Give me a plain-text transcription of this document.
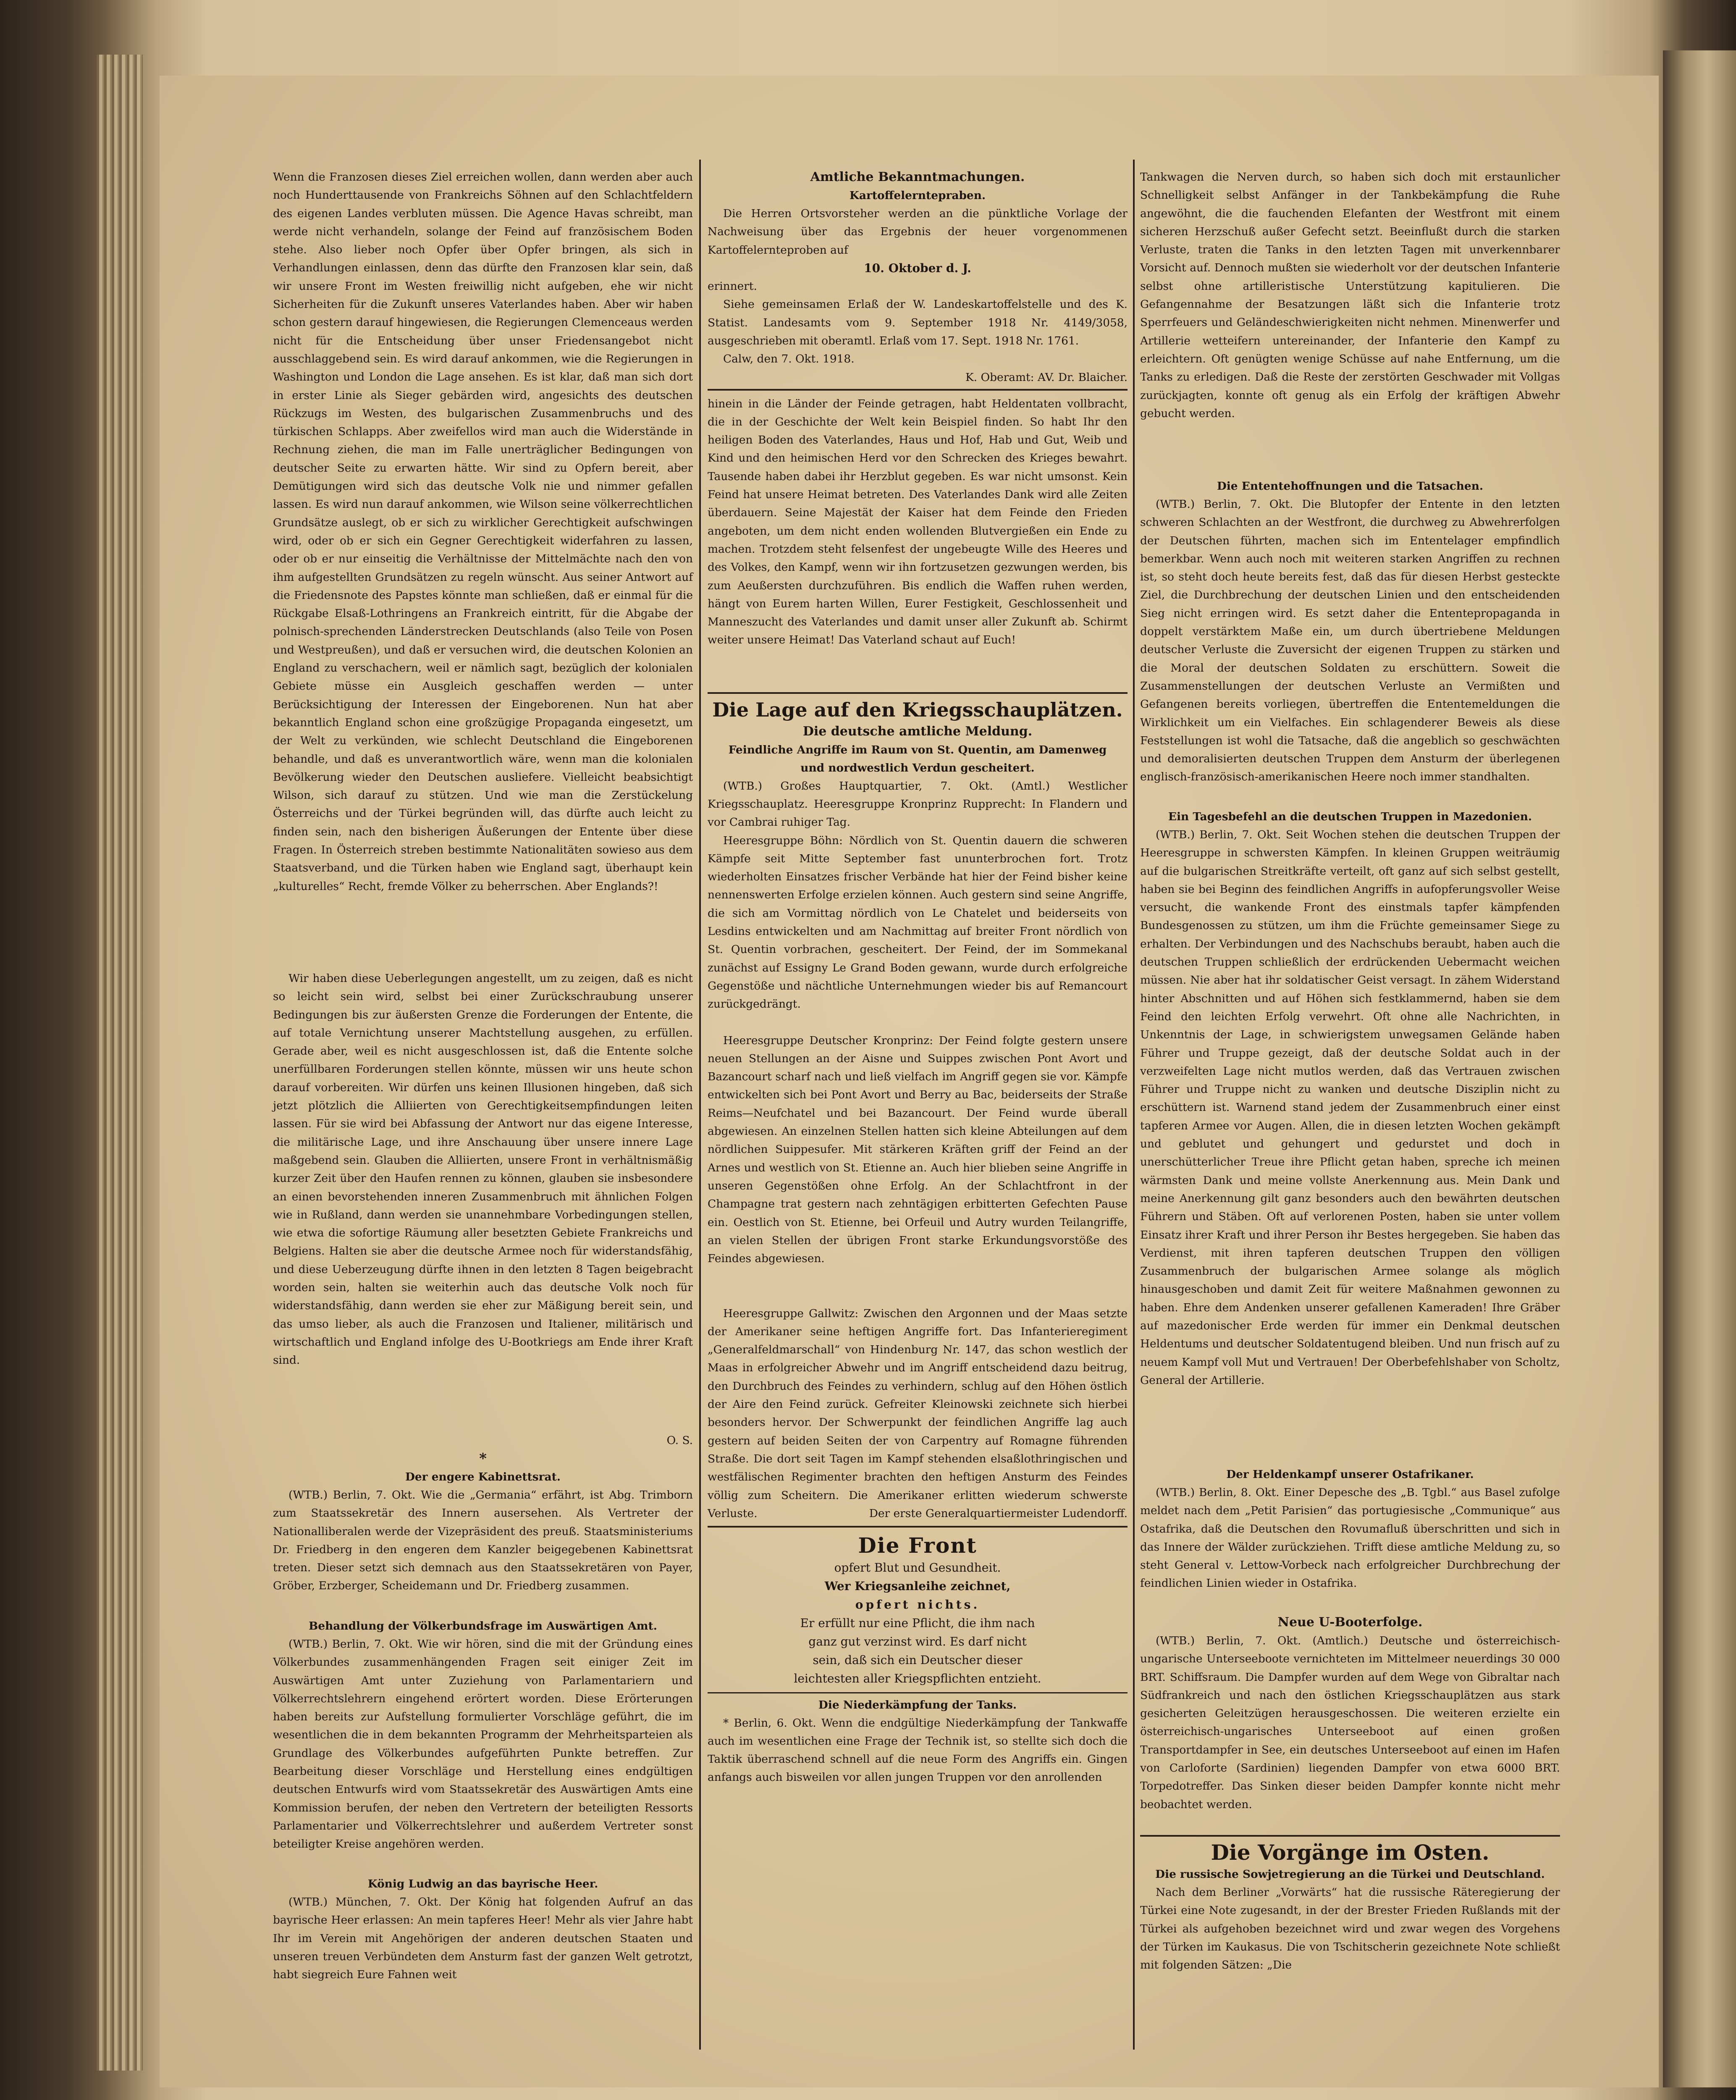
Wenn die Franzosen dieses Ziel erreichen wollen, dann werden aber auch noch Hunderttausende von Frankreichs Söhnen auf den Schlachtfeldern des eigenen Landes verbluten müssen. Die Agence Havas schreibt, man werde nicht verhandeln, solange der Feind auf französischem Boden stehe. Also lieber noch Opfer über Opfer bringen, als sich in Verhandlungen einlassen, denn das dürfte den Franzosen klar sein, daß wir unsere Front im Westen freiwillig nicht aufgeben, ehe wir nicht Sicherheiten für die Zukunft unseres Vaterlandes haben. Aber wir haben schon gestern darauf hingewiesen, die Regierungen Clemenceaus werden nicht für die Entscheidung über unser Friedensangebot nicht ausschlaggebend sein. Es wird darauf ankommen, wie die Regierungen in Washington und London die Lage ansehen. Es ist klar, daß man sich dort in erster Linie als Sieger gebärden wird, angesichts des deutschen Rückzugs im Westen, des bulgarischen Zusammenbruchs und des türkischen Schlapps. Aber zweifellos wird man auch die Widerstände in Rechnung ziehen, die man im Falle unerträglicher Bedingungen von deutscher Seite zu erwarten hätte. Wir sind zu Opfern bereit, aber Demütigungen wird sich das deutsche Volk nie und nimmer gefallen lassen. Es wird nun darauf ankommen, wie Wilson seine völkerrechtlichen Grundsätze auslegt, ob er sich zu wirklicher Gerechtigkeit aufschwingen wird, oder ob er sich ein Gegner Gerechtigkeit widerfahren zu lassen, oder ob er nur einseitig die Verhältnisse der Mittelmächte nach den von ihm aufgestellten Grundsätzen zu regeln wünscht. Aus seiner Antwort auf die Friedensnote des Papstes könnte man schließen, daß er einmal für die Rückgabe Elsaß-Lothringens an Frankreich eintritt, für die Abgabe der polnisch-sprechenden Länderstrecken Deutschlands (also Teile von Posen und Westpreußen), und daß er versuchen wird, die deutschen Kolonien an England zu verschachern, weil er nämlich sagt, bezüglich der kolonialen Gebiete müsse ein Ausgleich geschaffen werden — unter Berücksichtigung der Interessen der Eingeborenen. Nun hat aber bekanntlich England schon eine großzügige Propaganda eingesetzt, um der Welt zu verkünden, wie schlecht Deutschland die Eingeborenen behandle, und daß es unverantwortlich wäre, wenn man die kolonialen Bevölkerung wieder den Deutschen ausliefere. Vielleicht beabsichtigt Wilson, sich darauf zu stützen. Und wie man die Zerstückelung Österreichs und der Türkei begründen will, das dürfte auch leicht zu finden sein, nach den bisherigen Äußerungen der Entente über diese Fragen. In Österreich streben bestimmte Nationalitäten sowieso aus dem Staatsverband, und die Türken haben wie England sagt, überhaupt kein „kulturelles“ Recht, fremde Völker zu beherrschen. Aber Englands?!

Wir haben diese Ueberlegungen angestellt, um zu zeigen, daß es nicht so leicht sein wird, selbst bei einer Zurückschraubung unserer Bedingungen bis zur äußersten Grenze die Forderungen der Entente, die auf totale Vernichtung unserer Machtstellung ausgehen, zu erfüllen. Gerade aber, weil es nicht ausgeschlossen ist, daß die Entente solche unerfüllbaren Forderungen stellen könnte, müssen wir uns heute schon darauf vorbereiten. Wir dürfen uns keinen Illusionen hingeben, daß sich jetzt plötzlich die Alliierten von Gerechtigkeitsempfindungen leiten lassen. Für sie wird bei Abfassung der Antwort nur das eigene Interesse, die militärische Lage, und ihre Anschauung über unsere innere Lage maßgebend sein. Glauben die Alliierten, unsere Front in verhältnismäßig kurzer Zeit über den Haufen rennen zu können, glauben sie insbesondere an einen bevorstehenden inneren Zusammenbruch mit ähnlichen Folgen wie in Rußland, dann werden sie unannehmbare Vorbedingungen stellen, wie etwa die sofortige Räumung aller besetzten Gebiete Frankreichs und Belgiens. Halten sie aber die deutsche Armee noch für widerstandsfähig, und diese Ueberzeugung dürfte ihnen in den letzten 8 Tagen beigebracht worden sein, halten sie weiterhin auch das deutsche Volk noch für widerstandsfähig, dann werden sie eher zur Mäßigung bereit sein, und das umso lieber, als auch die Franzosen und Italiener, militärisch und wirtschaftlich und England infolge des U-Bootkriegs am Ende ihrer Kraft sind.

O. S.

*

Der engere Kabinettsrat.

(WTB.) Berlin, 7. Okt. Wie die „Germania“ erfährt, ist Abg. Trimborn zum Staatssekretär des Innern ausersehen. Als Vertreter der Nationalliberalen werde der Vizepräsident des preuß. Staatsministeriums Dr. Friedberg in den engeren dem Kanzler beigegebenen Kabinettsrat treten. Dieser setzt sich demnach aus den Staatssekretären von Payer, Gröber, Erzberger, Scheidemann und Dr. Friedberg zusammen.

Behandlung der Völkerbundsfrage im Auswärtigen Amt.

(WTB.) Berlin, 7. Okt. Wie wir hören, sind die mit der Gründung eines Völkerbundes zusammenhängenden Fragen seit einiger Zeit im Auswärtigen Amt unter Zuziehung von Parlamentariern und Völkerrechtslehrern eingehend erörtert worden. Diese Erörterungen haben bereits zur Aufstellung formulierter Vorschläge geführt, die im wesentlichen die in dem bekannten Programm der Mehrheitsparteien als Grundlage des Völkerbundes aufgeführten Punkte betreffen. Zur Bearbeitung dieser Vorschläge und Herstellung eines endgültigen deutschen Entwurfs wird vom Staatssekretär des Auswärtigen Amts eine Kommission berufen, der neben den Vertretern der beteiligten Ressorts Parlamentarier und Völkerrechtslehrer und außerdem Vertreter sonst beteiligter Kreise angehören werden.

König Ludwig an das bayrische Heer.

(WTB.) München, 7. Okt. Der König hat folgenden Aufruf an das bayrische Heer erlassen: An mein tapferes Heer! Mehr als vier Jahre habt Ihr im Verein mit Angehörigen der anderen deutschen Staaten und unseren treuen Verbündeten dem Ansturm fast der ganzen Welt getrotzt, habt siegreich Eure Fahnen weit

Amtliche Bekanntmachungen.

Kartoffelerntepraben.

Die Herren Ortsvorsteher werden an die pünktliche Vorlage der Nachweisung über das Ergebnis der heuer vorgenommenen Kartoffelernteproben auf

10. Oktober d. J.

erinnert.

Siehe gemeinsamen Erlaß der W. Landeskartoffelstelle und des K. Statist. Landesamts vom 9. September 1918 Nr. 4149/3058, ausgeschrieben mit oberamtl. Erlaß vom 17. Sept. 1918 Nr. 1761.

Calw, den 7. Okt. 1918.

K. Oberamt: AV. Dr. Blaicher.

hinein in die Länder der Feinde getragen, habt Heldentaten vollbracht, die in der Geschichte der Welt kein Beispiel finden. So habt Ihr den heiligen Boden des Vaterlandes, Haus und Hof, Hab und Gut, Weib und Kind und den heimischen Herd vor den Schrecken des Krieges bewahrt. Tausende haben dabei ihr Herzblut gegeben. Es war nicht umsonst. Kein Feind hat unsere Heimat betreten. Des Vaterlandes Dank wird alle Zeiten überdauern. Seine Majestät der Kaiser hat dem Feinde den Frieden angeboten, um dem nicht enden wollenden Blutvergießen ein Ende zu machen. Trotzdem steht felsenfest der ungebeugte Wille des Heeres und des Volkes, den Kampf, wenn wir ihn fortzusetzen gezwungen werden, bis zum Aeußersten durchzuführen. Bis endlich die Waffen ruhen werden, hängt von Eurem harten Willen, Eurer Festigkeit, Geschlossenheit und Manneszucht des Vaterlandes und damit unser aller Zukunft ab. Schirmt weiter unsere Heimat! Das Vaterland schaut auf Euch!

Die Lage auf den Kriegsschauplätzen.

Die deutsche amtliche Meldung.

Feindliche Angriffe im Raum von St. Quentin, am Damenweg und nordwestlich Verdun gescheitert.

(WTB.) Großes Hauptquartier, 7. Okt. (Amtl.) Westlicher Kriegsschauplatz. Heeresgruppe Kronprinz Rupprecht: In Flandern und vor Cambrai ruhiger Tag.

Heeresgruppe Böhn: Nördlich von St. Quentin dauern die schweren Kämpfe seit Mitte September fast ununterbrochen fort. Trotz wiederholten Einsatzes frischer Verbände hat hier der Feind bisher keine nennenswerten Erfolge erzielen können. Auch gestern sind seine Angriffe, die sich am Vormittag nördlich von Le Chatelet und beiderseits von Lesdins entwickelten und am Nachmittag auf breiter Front nördlich von St. Quentin vorbrachen, gescheitert. Der Feind, der im Sommekanal zunächst auf Essigny Le Grand Boden gewann, wurde durch erfolgreiche Gegenstöße und nächtliche Unternehmungen wieder bis auf Remancourt zurückgedrängt.

Heeresgruppe Deutscher Kronprinz: Der Feind folgte gestern unsere neuen Stellungen an der Aisne und Suippes zwischen Pont Avort und Bazancourt scharf nach und ließ vielfach im Angriff gegen sie vor. Kämpfe entwickelten sich bei Pont Avort und Berry au Bac, beiderseits der Straße Reims—Neufchatel und bei Bazancourt. Der Feind wurde überall abgewiesen. An einzelnen Stellen hatten sich kleine Abteilungen auf dem nördlichen Suippesufer. Mit stärkeren Kräften griff der Feind an der Arnes und westlich von St. Etienne an. Auch hier blieben seine Angriffe in unseren Gegenstößen ohne Erfolg. An der Schlachtfront in der Champagne trat gestern nach zehntägigen erbitterten Gefechten Pause ein. Oestlich von St. Etienne, bei Orfeuil und Autry wurden Teilangriffe, an vielen Stellen der übrigen Front starke Erkundungsvorstöße des Feindes abgewiesen.

Heeresgruppe Gallwitz: Zwischen den Argonnen und der Maas setzte der Amerikaner seine heftigen Angriffe fort. Das Infanterieregiment „Generalfeldmarschall“ von Hindenburg Nr. 147, das schon westlich der Maas in erfolgreicher Abwehr und im Angriff entscheidend dazu beitrug, den Durchbruch des Feindes zu verhindern, schlug auf den Höhen östlich der Aire den Feind zurück. Gefreiter Kleinowski zeichnete sich hierbei besonders hervor. Der Schwerpunkt der feindlichen Angriffe lag auch gestern auf beiden Seiten der von Carpentry auf Romagne führenden Straße. Die dort seit Tagen im Kampf stehenden elsaßlothringischen und westfälischen Regimenter brachten den heftigen Ansturm des Feindes völlig zum Scheitern. Die Amerikaner erlitten wiederum schwerste Verluste.	Der erste Generalquartiermeister Ludendorff.

Die Front

opfert Blut und Gesundheit.

Wer Kriegsanleihe zeichnet,

opfert nichts.

Er erfüllt nur eine Pflicht, die ihm nach

ganz gut verzinst wird. Es darf nicht

sein, daß sich ein Deutscher dieser

leichtesten aller Kriegspflichten entzieht.

Die Niederkämpfung der Tanks.

* Berlin, 6. Okt. Wenn die endgültige Niederkämpfung der Tankwaffe auch im wesentlichen eine Frage der Technik ist, so stellte sich doch die Taktik überraschend schnell auf die neue Form des Angriffs ein. Gingen anfangs auch bisweilen vor allen jungen Truppen vor den anrollenden

Tankwagen die Nerven durch, so haben sich doch mit erstaunlicher Schnelligkeit selbst Anfänger in der Tankbekämpfung die Ruhe angewöhnt, die die fauchenden Elefanten der Westfront mit einem sicheren Herzschuß außer Gefecht setzt. Beeinflußt durch die starken Verluste, traten die Tanks in den letzten Tagen mit unverkennbarer Vorsicht auf. Dennoch mußten sie wiederholt vor der deutschen Infanterie selbst ohne artilleristische Unterstützung kapitulieren. Die Gefangennahme der Besatzungen läßt sich die Infanterie trotz Sperrfeuers und Geländeschwierigkeiten nicht nehmen. Minenwerfer und Artillerie wetteifern untereinander, der Infanterie den Kampf zu erleichtern. Oft genügten wenige Schüsse auf nahe Entfernung, um die Tanks zu erledigen. Daß die Reste der zerstörten Geschwader mit Vollgas zurückjagten, konnte oft genug als ein Erfolg der kräftigen Abwehr gebucht werden.

Die Ententehoffnungen und die Tatsachen.

(WTB.) Berlin, 7. Okt. Die Blutopfer der Entente in den letzten schweren Schlachten an der Westfront, die durchweg zu Abwehrerfolgen der Deutschen führten, machen sich im Ententelager empfindlich bemerkbar. Wenn auch noch mit weiteren starken Angriffen zu rechnen ist, so steht doch heute bereits fest, daß das für diesen Herbst gesteckte Ziel, die Durchbrechung der deutschen Linien und den entscheidenden Sieg nicht erringen wird. Es setzt daher die Ententepropaganda in doppelt verstärktem Maße ein, um durch übertriebene Meldungen deutscher Verluste die Zuversicht der eigenen Truppen zu stärken und die Moral der deutschen Soldaten zu erschüttern. Soweit die Zusammenstellungen der deutschen Verluste an Vermißten und Gefangenen bereits vorliegen, übertreffen die Ententemeldungen die Wirklichkeit um ein Vielfaches. Ein schlagenderer Beweis als diese Feststellungen ist wohl die Tatsache, daß die angeblich so geschwächten und demoralisierten deutschen Truppen dem Ansturm der überlegenen englisch-französisch-amerikanischen Heere noch immer standhalten.

Ein Tagesbefehl an die deutschen Truppen in Mazedonien.

(WTB.) Berlin, 7. Okt. Seit Wochen stehen die deutschen Truppen der Heeresgruppe in schwersten Kämpfen. In kleinen Gruppen weiträumig auf die bulgarischen Streitkräfte verteilt, oft ganz auf sich selbst gestellt, haben sie bei Beginn des feindlichen Angriffs in aufopferungsvoller Weise versucht, die wankende Front des einstmals tapfer kämpfenden Bundesgenossen zu stützen, um ihm die Früchte gemeinsamer Siege zu erhalten. Der Verbindungen und des Nachschubs beraubt, haben auch die deutschen Truppen schließlich der erdrückenden Uebermacht weichen müssen. Nie aber hat ihr soldatischer Geist versagt. In zähem Widerstand hinter Abschnitten und auf Höhen sich festklammernd, haben sie dem Feind den leichten Erfolg verwehrt. Oft ohne alle Nachrichten, in Unkenntnis der Lage, in schwierigstem unwegsamen Gelände haben Führer und Truppe gezeigt, daß der deutsche Soldat auch in der verzweifelten Lage nicht mutlos werden, daß das Vertrauen zwischen Führer und Truppe nicht zu wanken und deutsche Disziplin nicht zu erschüttern ist. Warnend stand jedem der Zusammenbruch einer einst tapferen Armee vor Augen. Allen, die in diesen letzten Wochen gekämpft und geblutet und gehungert und gedurstet und doch in unerschütterlicher Treue ihre Pflicht getan haben, spreche ich meinen wärmsten Dank und meine vollste Anerkennung aus. Mein Dank und meine Anerkennung gilt ganz besonders auch den bewährten deutschen Führern und Stäben. Oft auf verlorenen Posten, haben sie unter vollem Einsatz ihrer Kraft und ihrer Person ihr Bestes hergegeben. Sie haben das Verdienst, mit ihren tapferen deutschen Truppen den völligen Zusammenbruch der bulgarischen Armee solange als möglich hinausgeschoben und damit Zeit für weitere Maßnahmen gewonnen zu haben. Ehre dem Andenken unserer gefallenen Kameraden! Ihre Gräber auf mazedonischer Erde werden für immer ein Denkmal deutschen Heldentums und deutscher Soldatentugend bleiben. Und nun frisch auf zu neuem Kampf voll Mut und Vertrauen! Der Oberbefehlshaber von Scholtz, General der Artillerie.

Der Heldenkampf unserer Ostafrikaner.

(WTB.) Berlin, 8. Okt. Einer Depesche des „B. Tgbl.“ aus Basel zufolge meldet nach dem „Petit Parisien“ das portugiesische „Communique“ aus Ostafrika, daß die Deutschen den Rovumafluß überschritten und sich in das Innere der Wälder zurückziehen. Trifft diese amtliche Meldung zu, so steht General v. Lettow-Vorbeck nach erfolgreicher Durchbrechung der feindlichen Linien wieder in Ostafrika.

Neue U-Booterfolge.

(WTB.) Berlin, 7. Okt. (Amtlich.) Deutsche und österreichisch-ungarische Unterseeboote vernichteten im Mittelmeer neuerdings 30 000 BRT. Schiffsraum. Die Dampfer wurden auf dem Wege von Gibraltar nach Südfrankreich und nach den östlichen Kriegsschauplätzen aus stark gesicherten Geleitzügen herausgeschossen. Die weiteren erzielte ein österreichisch-ungarisches Unterseeboot auf einen großen Transportdampfer in See, ein deutsches Unterseeboot auf einen im Hafen von Carloforte (Sardinien) liegenden Dampfer von etwa 6000 BRT. Torpedotreffer. Das Sinken dieser beiden Dampfer konnte nicht mehr beobachtet werden.

Die Vorgänge im Osten.

Die russische Sowjetregierung an die Türkei und Deutschland.

Nach dem Berliner „Vorwärts“ hat die russische Räteregierung der Türkei eine Note zugesandt, in der der Brester Frieden Rußlands mit der Türkei als aufgehoben bezeichnet wird und zwar wegen des Vorgehens der Türken im Kaukasus. Die von Tschitscherin gezeichnete Note schließt mit folgenden Sätzen: „Die
